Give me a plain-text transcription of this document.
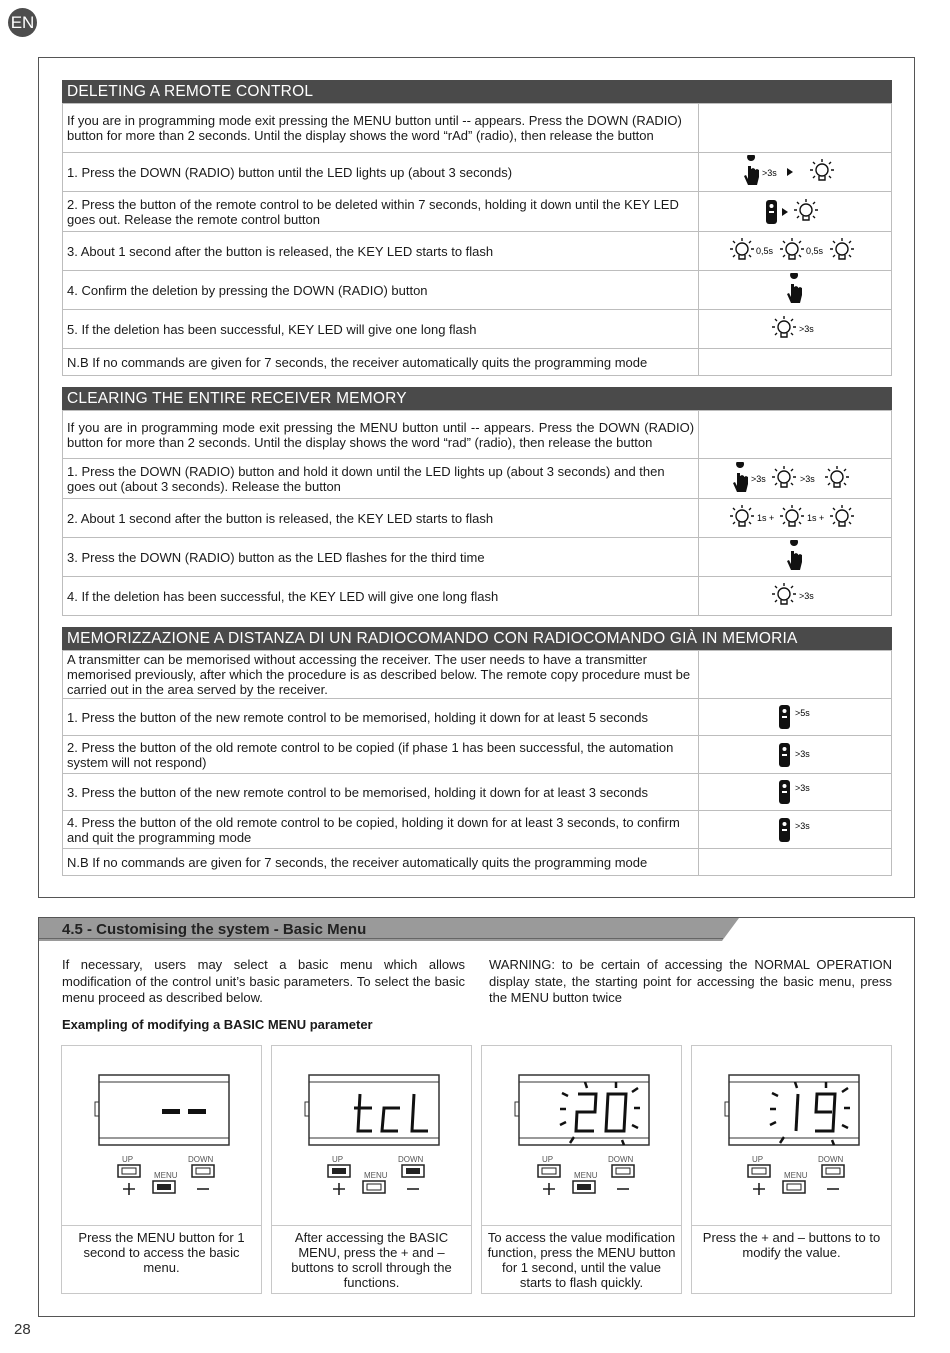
EN
DELETING A REMOTE CONTROL
If you are in programming mode exit pressing the MENU button until -- appears. Press the DOWN (RADIO) button for more than 2 seconds. Until the display shows the word “rAd” (radio), then release the button	
1. Press the DOWN (RADIO) button until the LED lights up (about 3 seconds)	>3s

2. Press the button of the remote control to be deleted within 7 seconds, holding it down until the KEY LED goes out. Release the remote control button	
3. About 1 second after the button is released, the KEY LED starts to flash	0,5s 0,5s

4. Confirm the deletion by pressing the DOWN (RADIO) button	
5. If the deletion has been successful, KEY LED will give one long flash	>3s

N.B If no commands are given for 7 seconds, the receiver automatically quits the programming mode	
CLEARING THE ENTIRE RECEIVER MEMORY
If you are in programming mode exit pressing the MENU button until -- appears. Press the DOWN (RADIO) button for more than 2 seconds. Until the display shows the word “rad” (radio), then release the button	
1. Press the DOWN (RADIO) button and hold it down until the LED lights up (about 3 seconds) and then goes out (about 3 seconds). Release the button	>3s >3s

2. About 1 second after the button is released, the KEY LED starts to flash	1s + 1s +

3. Press the DOWN (RADIO) button as the LED flashes for the third time	
4. If the deletion has been successful, the KEY LED will give one long flash	>3s
MEMORIZZAZIONE A DISTANZA DI UN RADIOCOMANDO CON RADIOCOMANDO GIÀ IN MEMORIA
A transmitter can be memorised without accessing the receiver. The user needs to have a transmitter memorised previously, after which the procedure is as described below. The remote copy procedure must be carried out in the area served by the receiver.	
1. Press the button of the new remote control to be memorised, holding it down for at least 5 seconds	>5s

2. Press the button of the old remote control to be copied (if phase 1 has been successful, the automation system will not respond)	>3s

3. Press the button of the new remote control to be memorised, holding it down for at least 3 seconds	>3s

4. Press the button of the old remote control to be copied, holding it down for at least 3 seconds, to confirm and quit the programming mode	>3s

N.B If no commands are given for 7 seconds, the receiver automatically quits the programming mode	
4.5 - Customising the system - Basic Menu
If necessary, users may select a basic menu which allows modification of the control unit’s basic parameters. To select the basic menu proceed as described below.
WARNING: to be certain of accessing the NORMAL OPERATION display state, the starting point for accessing the basic menu, press the MENU button twice
Exampling of modifying a BASIC MENU parameter
UP	DOWN
MENU
Press the MENU button for 1 second to access the basic menu.
UP	DOWN
MENU
After accessing the BASIC MENU, press the + and – buttons to scroll through the functions.
UP	DOWN
MENU
To access the value modification function, press the MENU button for 1 second, until the value starts to flash quickly.
UP	DOWN
MENU
Press the + and – buttons to to modify the value.
28
